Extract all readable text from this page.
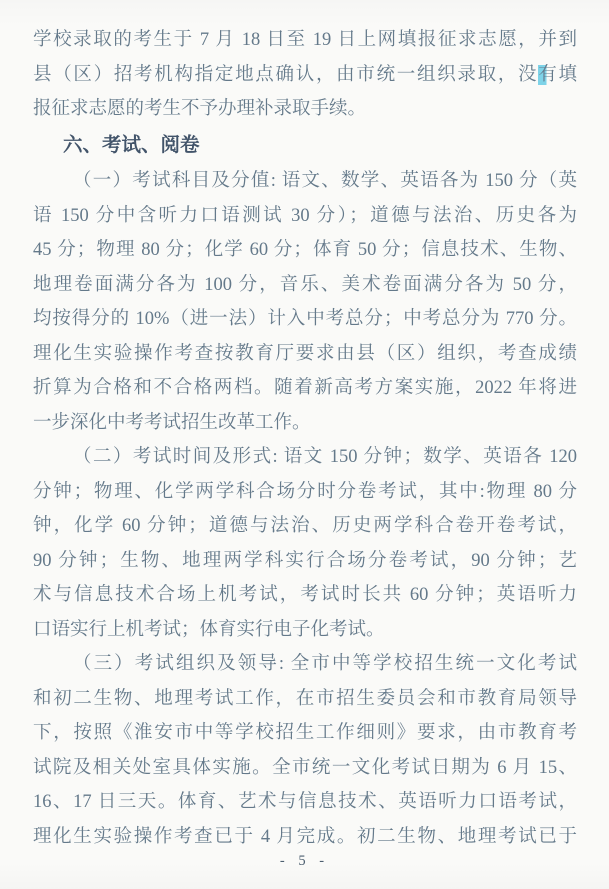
学校录取的考生于 7 月 18 日至 19 日上网填报征求志愿，并到
县（区）招考机构指定地点确认，由市统一组织录取，没有填
报征求志愿的考生不予办理补录取手续。
六、考试、阅卷
（一）考试科目及分值: 语文、数学、英语各为 150 分（英
语 150 分中含听力口语测试 30 分）；道德与法治、历史各为
45 分；物理 80 分；化学 60 分；体育 50 分；信息技术、生物、
地理卷面满分各为 100 分，音乐、美术卷面满分各为 50 分，
均按得分的 10%（进一法）计入中考总分；中考总分为 770 分。
理化生实验操作考查按教育厅要求由县（区）组织，考查成绩
折算为合格和不合格两档。随着新高考方案实施，2022 年将进
一步深化中考考试招生改革工作。
（二）考试时间及形式: 语文 150 分钟；数学、英语各 120
分钟；物理、化学两学科合场分时分卷考试，其中:物理 80 分
钟，化学 60 分钟；道德与法治、历史两学科合卷开卷考试，
90 分钟；生物、地理两学科实行合场分卷考试，90 分钟；艺
术与信息技术合场上机考试，考试时长共 60 分钟；英语听力
口语实行上机考试；体育实行电子化考试。
（三）考试组织及领导: 全市中等学校招生统一文化考试
和初二生物、地理考试工作，在市招生委员会和市教育局领导
下，按照《淮安市中等学校招生工作细则》要求，由市教育考
试院及相关处室具体实施。全市统一文化考试日期为 6 月 15、
16、17 日三天。体育、艺术与信息技术、英语听力口语考试，
理化生实验操作考查已于 4 月完成。初二生物、地理考试已于
- 5 -
